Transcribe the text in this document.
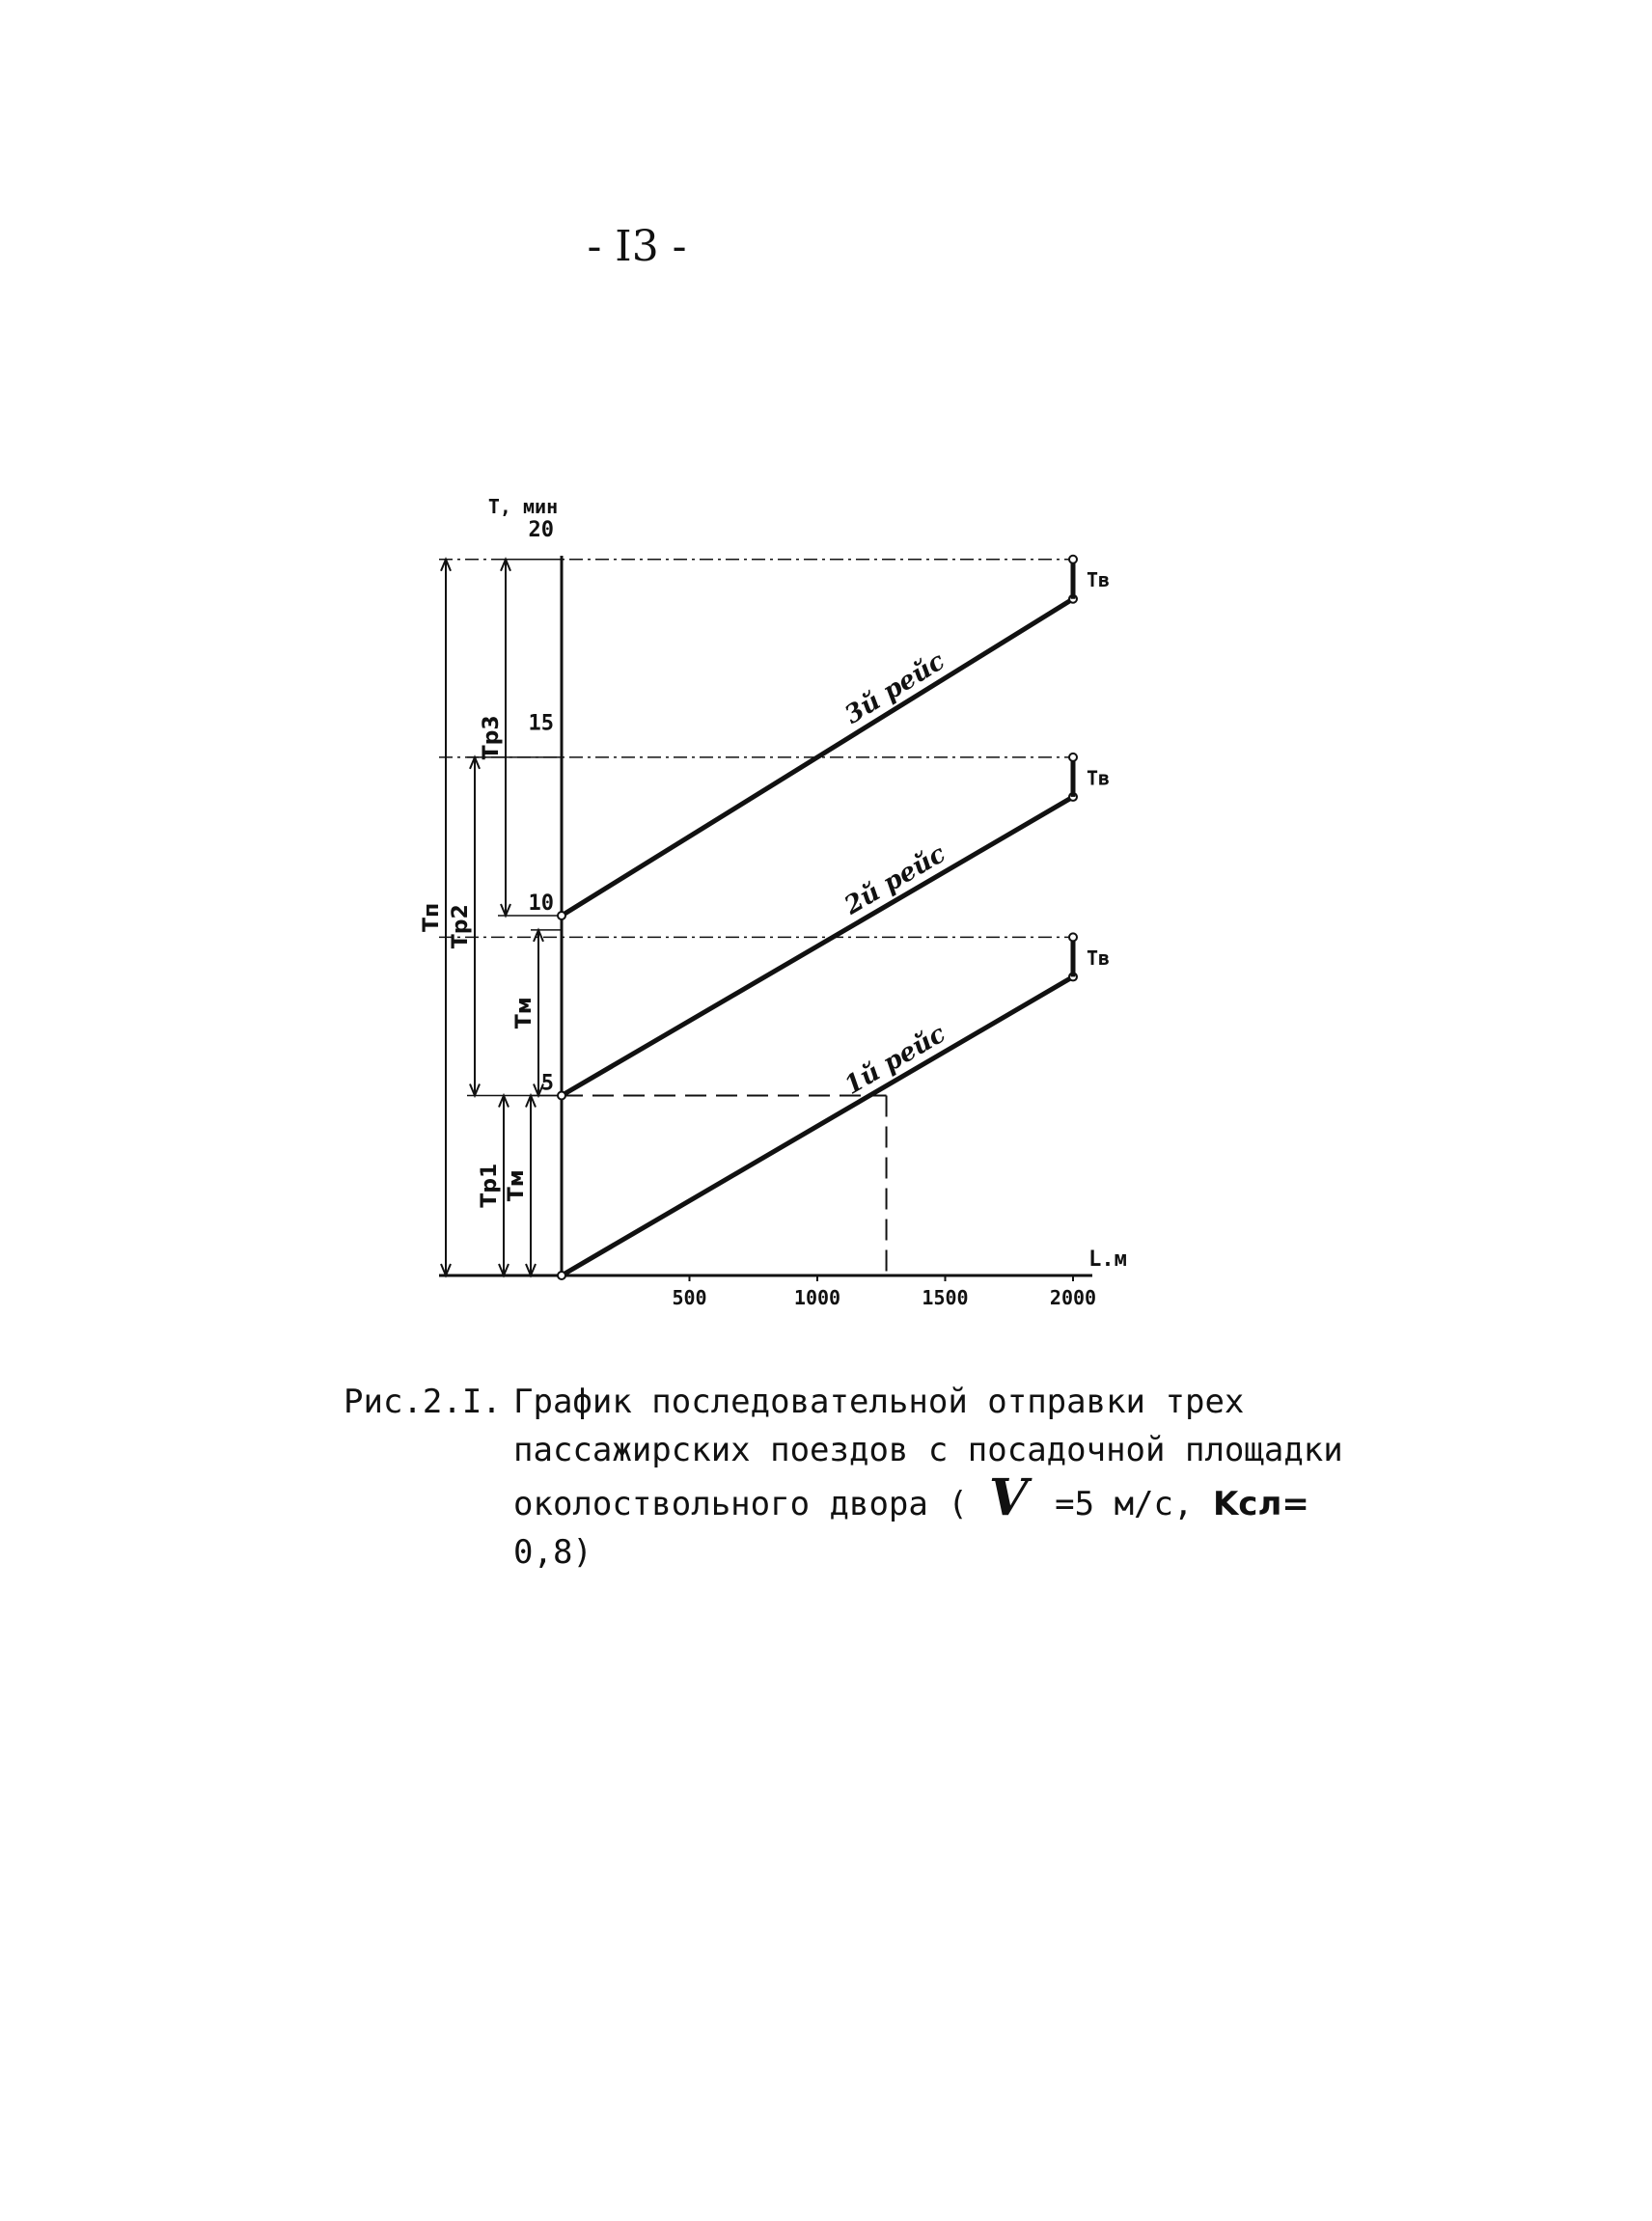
- I3 -
Тп
Тр3
Тр2
Тм
Тр1 Тм
500	1000	1500	2000
5
10
15
20
T, мин
L.м
1й рейс
2й рейс
3й рейс
Тв
Тв
Тв
Рис.2.I. График последовательной отправки трех
пассажирских поездов с посадочной площадки
околоствольного двора ( V =5 м/с, Kсл= 0,8)
